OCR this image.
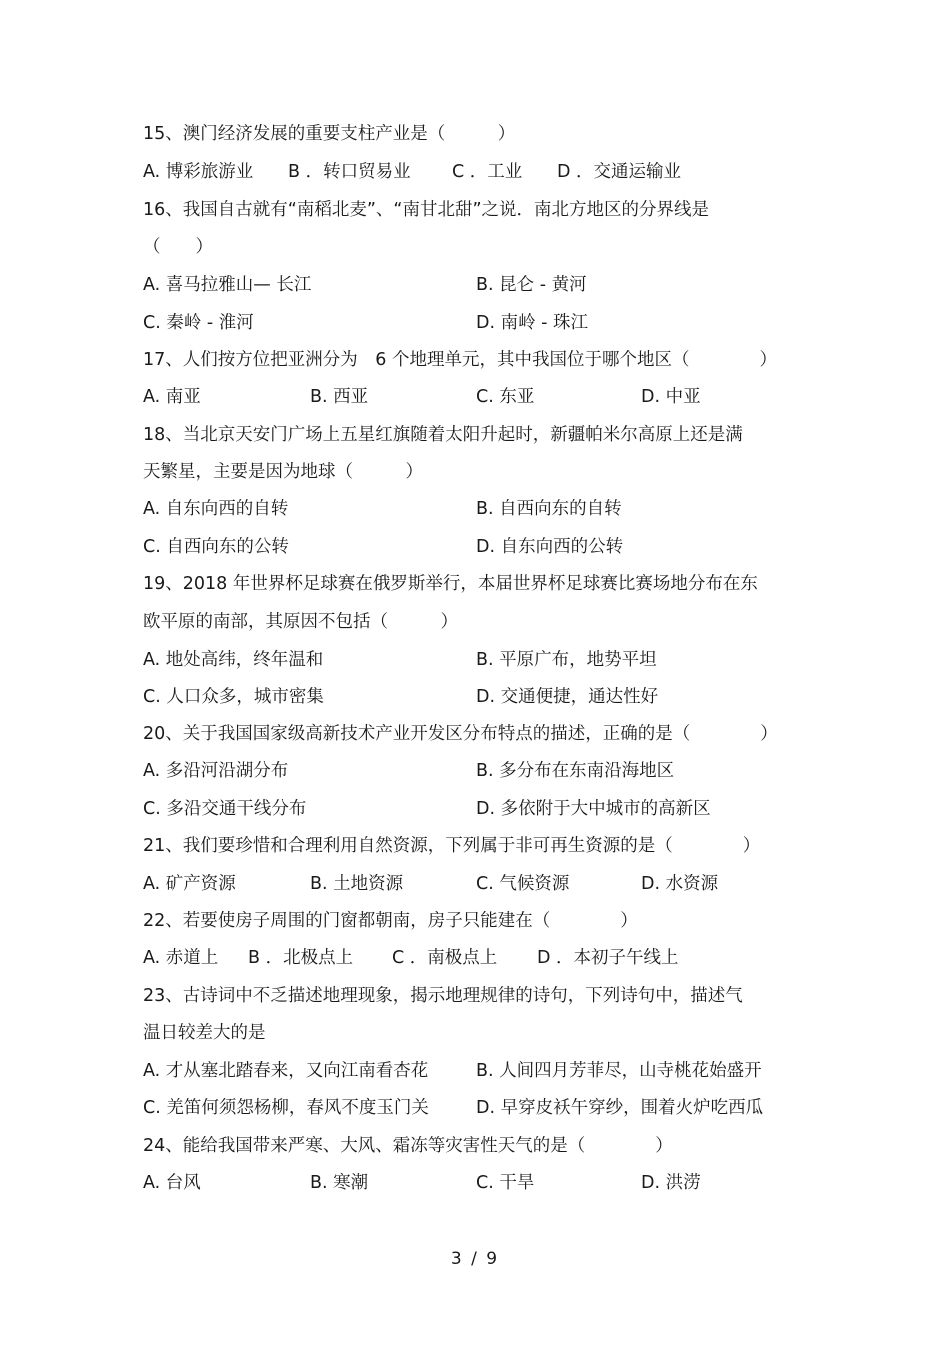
15、澳门经济发展的重要支柱产业是（　　　）
A. 博彩旅游业 B ．转口贸易业 C ．工业 D ．交通运输业
16、我国自古就有“南稻北麦”、“南甘北甜”之说．南北方地区的分界线是
（　　）
A. 喜马拉雅山— 长江	B. 昆仑 - 黄河
C. 秦岭 - 淮河	D. 南岭 - 珠江
17、人们按方位把亚洲分为　6 个地理单元，其中我国位于哪个地区（　　　　）
A. 南亚	B. 西亚	C. 东亚	D. 中亚
18、当北京天安门广场上五星红旗随着太阳升起时，新疆帕米尔高原上还是满
天繁星，主要是因为地球（　　　）
A. 自东向西的自转	B. 自西向东的自转
C. 自西向东的公转	D. 自东向西的公转
19、2018 年世界杯足球赛在俄罗斯举行，本届世界杯足球赛比赛场地分布在东
欧平原的南部，其原因不包括（　　　）
A. 地处高纬，终年温和	B. 平原广布，地势平坦
C. 人口众多，城市密集	D. 交通便捷，通达性好
20、关于我国国家级高新技术产业开发区分布特点的描述，正确的是（　　　　）
A. 多沿河沿湖分布	B. 多分布在东南沿海地区
C. 多沿交通干线分布	D. 多依附于大中城市的高新区
21、我们要珍惜和合理利用自然资源，下列属于非可再生资源的是（　　　　）
A. 矿产资源	B. 土地资源	C. 气候资源	D. 水资源
22、若要使房子周围的门窗都朝南，房子只能建在（　　　　）
A. 赤道上 B ．北极点上 C ．南极点上 D ．本初子午线上
23、古诗词中不乏描述地理现象，揭示地理规律的诗句，下列诗句中，描述气
温日较差大的是
A. 才从塞北踏春来，又向江南看杏花	B. 人间四月芳菲尽，山寺桃花始盛开
C. 羌笛何须怨杨柳，春风不度玉门关	D. 早穿皮袄午穿纱，围着火炉吃西瓜
24、能给我国带来严寒、大风、霜冻等灾害性天气的是（　　　　）
A. 台风	B. 寒潮	C. 干旱	D. 洪涝
3 / 9
